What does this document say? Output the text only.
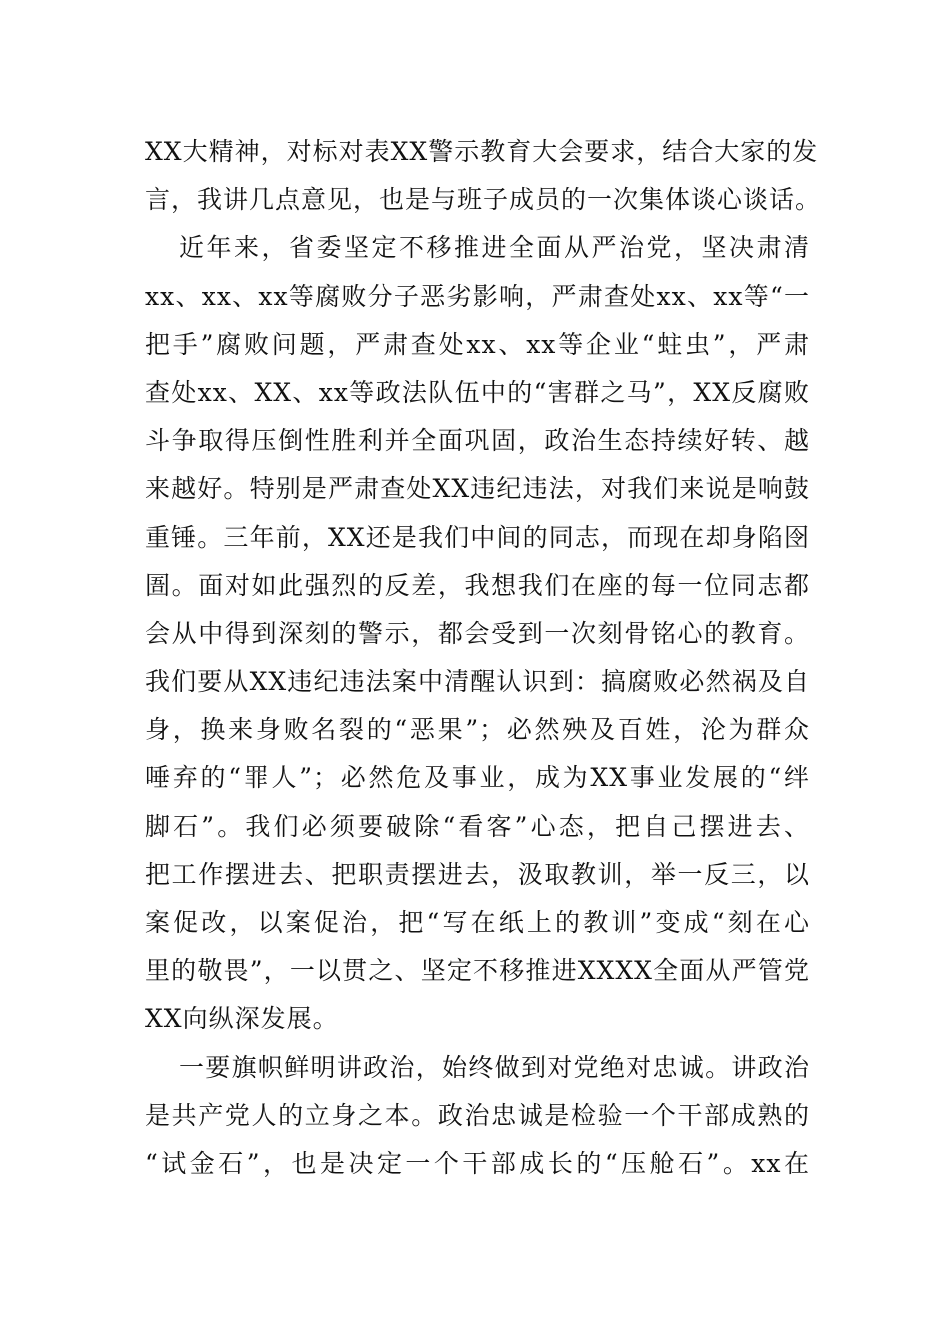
XX大精神，对标对表XX警示教育大会要求，结合大家的发
言，我讲几点意见，也是与班子成员的一次集体谈心谈话。
近年来，省委坚定不移推进全面从严治党，坚决肃清
xx、xx、xx等腐败分子恶劣影响，严肃查处xx、xx等“一
把手”腐败问题，严肃查处xx、xx等企业“蛀虫”，严肃
查处xx、XX、xx等政法队伍中的“害群之马”，XX反腐败
斗争取得压倒性胜利并全面巩固，政治生态持续好转、越
来越好。特别是严肃查处XX违纪违法，对我们来说是响鼓
重锤。三年前，XX还是我们中间的同志，而现在却身陷囹
圄。面对如此强烈的反差，我想我们在座的每一位同志都
会从中得到深刻的警示，都会受到一次刻骨铭心的教育。
我们要从XX违纪违法案中清醒认识到：搞腐败必然祸及自
身，换来身败名裂的“恶果”；必然殃及百姓，沦为群众
唾弃的“罪人”；必然危及事业，成为XX事业发展的“绊
脚石”。我们必须要破除“看客”心态，把自己摆进去、
把工作摆进去、把职责摆进去，汲取教训，举一反三，以
案促改，以案促治，把“写在纸上的教训”变成“刻在心
里的敬畏”，一以贯之、坚定不移推进XXXX全面从严管党
XX向纵深发展。
一要旗帜鲜明讲政治，始终做到对党绝对忠诚。讲政治
是共产党人的立身之本。政治忠诚是检验一个干部成熟的
“试金石”，也是决定一个干部成长的“压舱石”。xx在
